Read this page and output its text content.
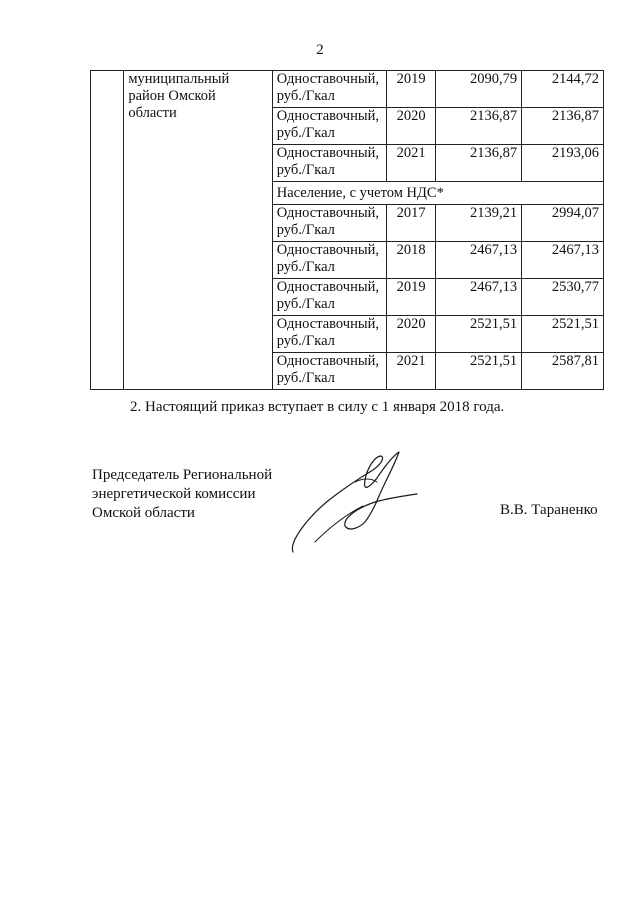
2
	муниципальный район Омской области	Одноставочный, руб./Гкал	2019	2090,79	2144,72
		Одноставочный, руб./Гкал	2020	2136,87	2136,87
		Одноставочный, руб./Гкал	2021	2136,87	2193,06
		Население, с учетом НДС*			
		Одноставочный, руб./Гкал	2017	2139,21	2994,07
		Одноставочный, руб./Гкал	2018	2467,13	2467,13
		Одноставочный, руб./Гкал	2019	2467,13	2530,77
		Одноставочный, руб./Гкал	2020	2521,51	2521,51
		Одноставочный, руб./Гкал	2021	2521,51	2587,81
2. Настоящий приказ вступает в силу с 1 января 2018 года.
Председатель Региональной
энергетической комиссии
Омской области	В.В. Тараненко
